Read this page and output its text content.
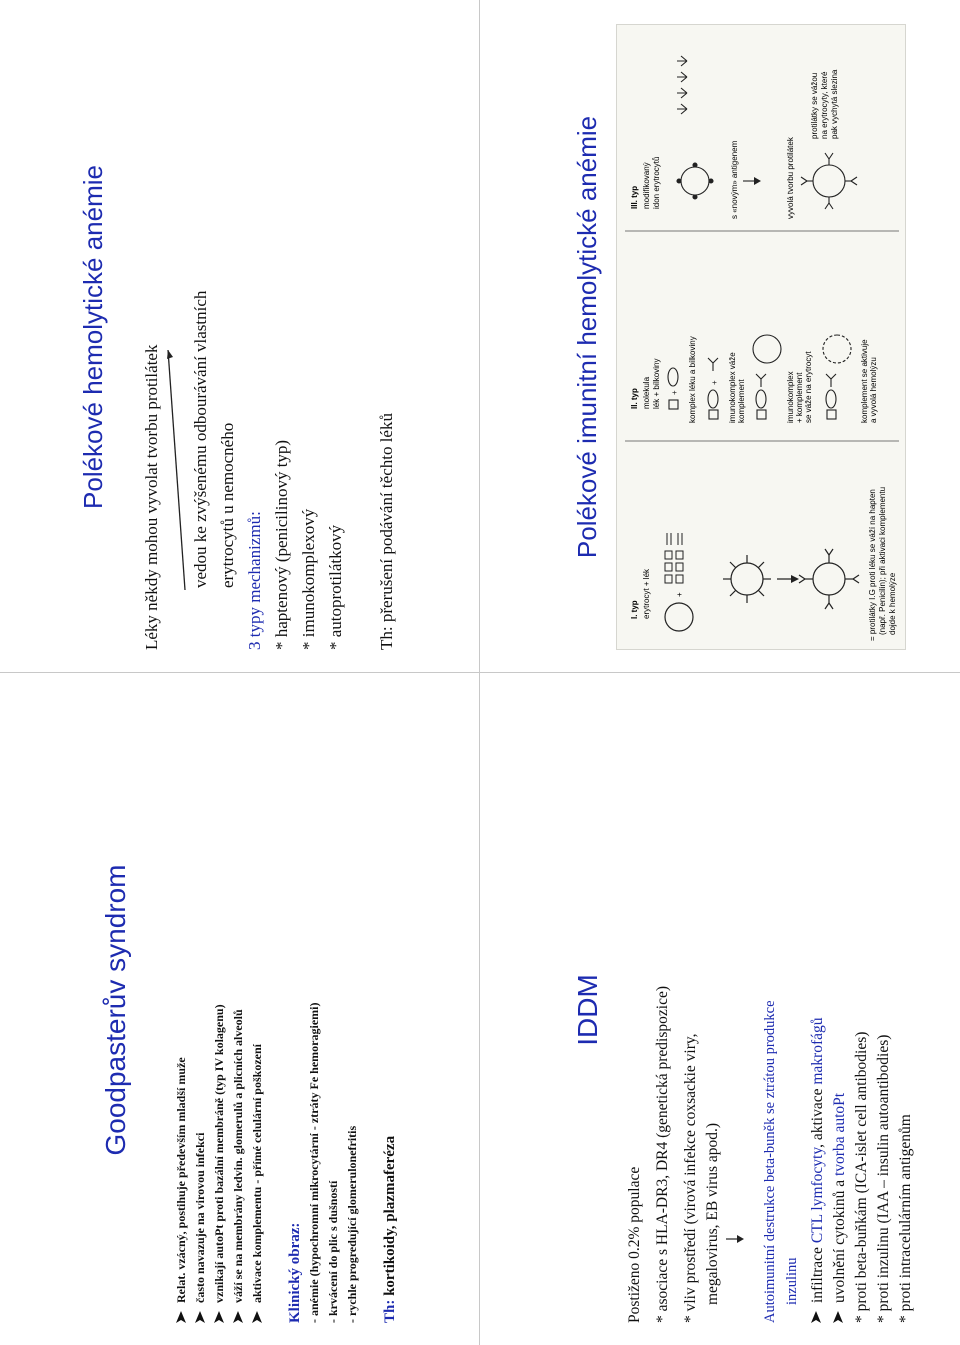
Polékové hemolytické anémie Léky někdy mohou vyvolat tvorbu protilátek vedou ke zvýšenému odbourávání vlastních erytrocytů u nemocného 3 typy mechanizmů: * haptenový (penicilinový typ) * imunokomplexový * autoprotilátkový Th: přerušení podávání těchto léků	Polékové imunitní hemolytické anémie
I. typ erytrocyt + lék	+	= protilátky I.G proti léku se váží na hapten (např. Penicilin); při aktivaci komplementu dojde k hemolýze
II. typ molekula lék + bílkoviny + komplex léku a bílkoviny + imunokomplex váže komplement	imunokomplex + komplement se váže na erytrocyt	komplement se aktivuje a vyvolá hemolýzu
III. typ modifikovaný idon erytrocytů	s «novým» antigenem	vyvolá tvorbu protilátek
protilátky se vážou na erytrocyty, které pak vychytá slezina
Goodpasterův syndrom
Relat. vzácný, postihuje především mladší muže často navazuje na virovou infekci vznikají autoPt proti bazální membráně (typ IV kolagenu) váží se na membrány ledvin. glomerulů a plicních alveolů aktivace komplementu - přímé celulární poškození Klinický obraz: - anémie (hypochromní mikrocytární - ztráty Fe hemoragiemi) - krvácení do plic s dušností - rychle progredující glomerulonefritis Th: kortikoidy, plazmaferéza

IDDM

Postiženo 0.2% populace * asociace s HLA-DR3, DR4 (genetická predispozice) * vliv prostředí (virová infekce coxsackie viry, megalovirus, EB virus apod.)	Autoimunitní destrukce beta-buněk se ztrátou produkce inzulinu infiltrace CTL lymfocyty, aktivace makrofágů
uvolnění cytokinů a tvorba autoPt * proti beta-buňkám (ICA-islet cell antibodies) * proti inzulinu (IAA – insulin autoantibodies) * proti intracelulárním antigenům
